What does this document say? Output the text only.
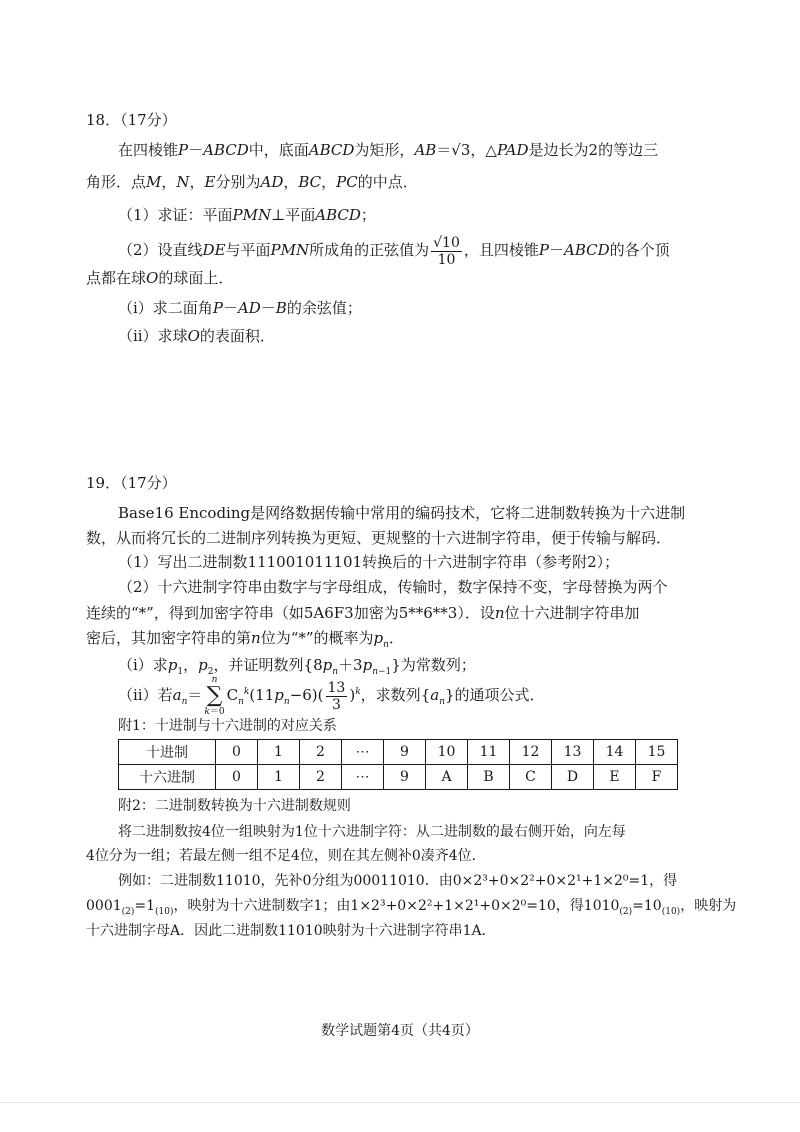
18．（17分）
在四棱锥P－ABCD中，底面ABCD为矩形，AB＝√3，△PAD是边长为2的等边三
角形．点M，N，E分别为AD，BC，PC的中点．
（1）求证：平面PMN⊥平面ABCD；
（2）设直线DE与平面PMN所成角的正弦值为 $\frac{√10}{10}$ ，且四棱锥P－ABCD的各个顶
点都在球O的球面上．
（i）求二面角P－AD－B的余弦值；
（ii）求球O的表面积．
19．（17分）
Base16 Encoding是网络数据传输中常用的编码技术，它将二进制数转换为十六进制
数，从而将冗长的二进制序列转换为更短、更规整的十六进制字符串，便于传输与解码．
（1）写出二进制数111001011101转换后的十六进制字符串（参考附2）；
（2）十六进制字符串由数字与字母组成，传输时，数字保持不变，字母替换为两个
连续的“*”，得到加密字符串（如5A6F3加密为5**6**3）．设n位十六进制字符串加
密后，其加密字符串的第n位为“*”的概率为$p_n$．
（i）求$p_1$，$p_2$，并证明数列$\{8p_n+3p_{n-1}\}$为常数列；
（ii）若$a_n=$
n
∑
k＝0
$C_n^k(11p_n-6)( \frac{13}{3} )^k$，求数列$\{a_n\}$的通项公式．
附1：十进制与十六进制的对应关系
十进制	0	1	2	⋯	9	10	11	12	13	14	15
十六进制	0	1	2	⋯	9	A	B	C	D	E	F
附2：二进制数转换为十六进制数规则
将二进制数按4位一组映射为1位十六进制字符：从二进制数的最右侧开始，向左每
4位分为一组；若最左侧一组不足4位，则在其左侧补0凑齐4位．
例如：二进制数11010，先补0分组为00011010．由0×2³+0×2²+0×2¹+1×2⁰=1，得
$0001_{(2)}=1_{(10)}$，映射为十六进制数字1；由1×2³+0×2²+1×2¹+0×2⁰=10，得$1010_{(2)}=10_{(10)}$，映射为
十六进制字母A．因此二进制数11010映射为十六进制字符串1A．
数学试题第4页（共4页）
